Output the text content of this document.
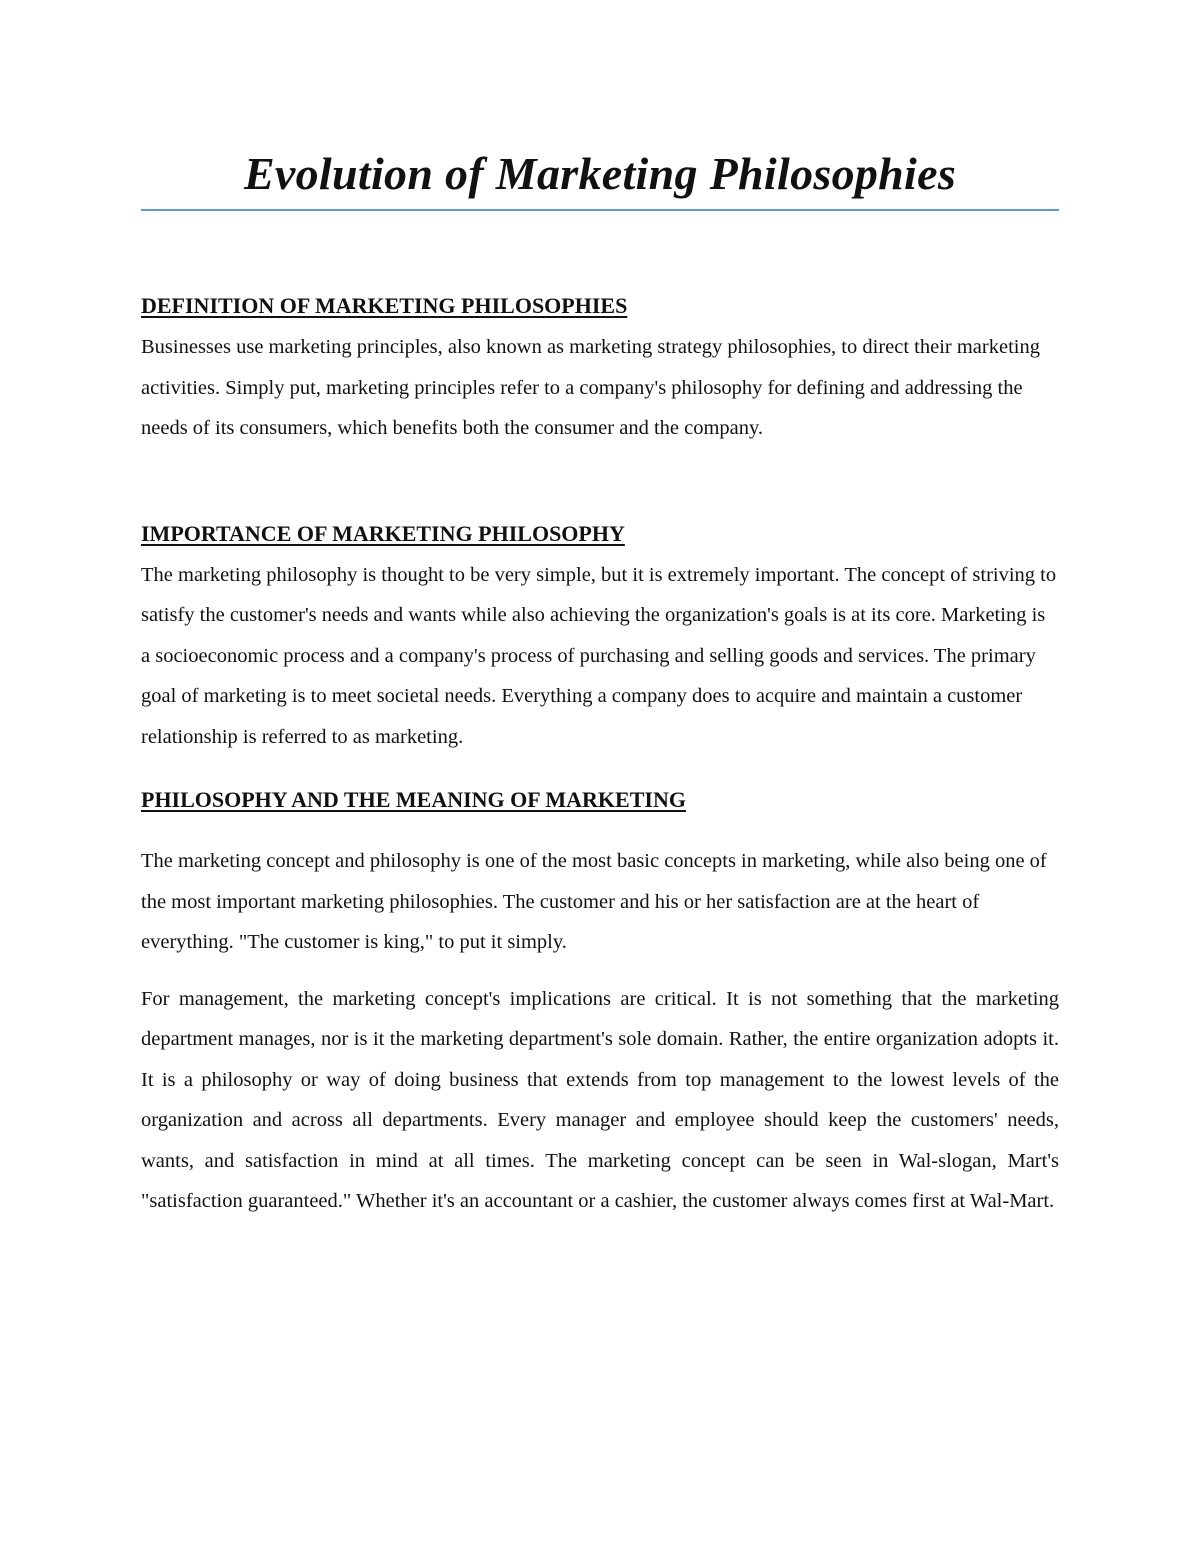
Evolution of Marketing Philosophies
DEFINITION OF MARKETING PHILOSOPHIES

Businesses use marketing principles, also known as marketing strategy philosophies, to direct their marketing activities. Simply put, marketing principles refer to a company's philosophy for defining and addressing the needs of its consumers, which benefits both the consumer and the company.

IMPORTANCE OF MARKETING PHILOSOPHY

The marketing philosophy is thought to be very simple, but it is extremely important. The concept of striving to satisfy the customer's needs and wants while also achieving the organization's goals is at its core. Marketing is a socioeconomic process and a company's process of purchasing and selling goods and services. The primary goal of marketing is to meet societal needs. Everything a company does to acquire and maintain a customer relationship is referred to as marketing.

PHILOSOPHY AND THE MEANING OF MARKETING

The marketing concept and philosophy is one of the most basic concepts in marketing, while also being one of the most important marketing philosophies. The customer and his or her satisfaction are at the heart of everything. "The customer is king," to put it simply.

For management, the marketing concept's implications are critical. It is not something that the marketing department manages, nor is it the marketing department's sole domain. Rather, the entire organization adopts it. It is a philosophy or way of doing business that extends from top management to the lowest levels of the organization and across all departments. Every manager and employee should keep the customers' needs, wants, and satisfaction in mind at all times. The marketing concept can be seen in Wal-slogan, Mart's "satisfaction guaranteed." Whether it's an accountant or a cashier, the customer always comes first at Wal-Mart.
